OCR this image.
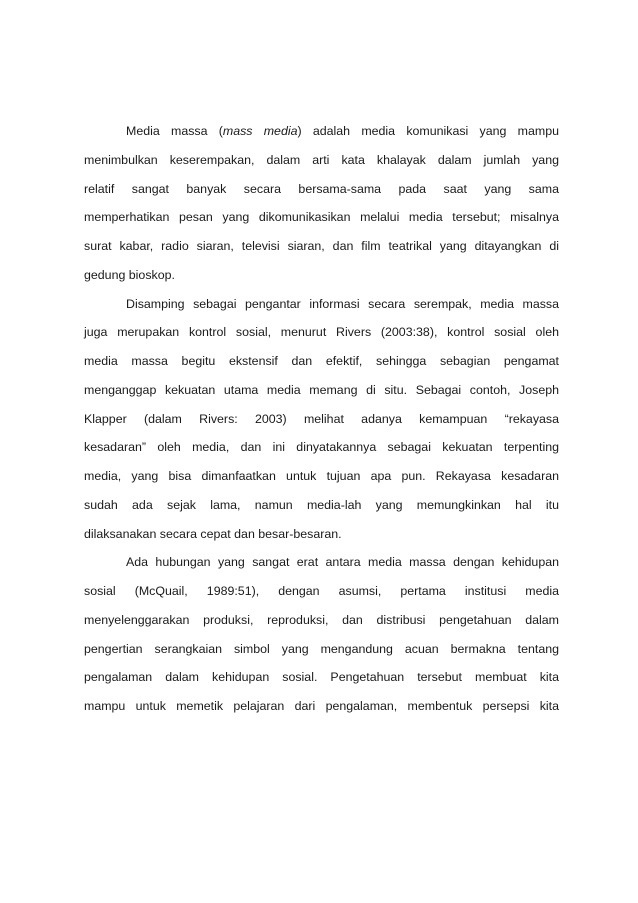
Media massa (mass media) adalah media komunikasi yang mampu
menimbulkan keserempakan, dalam arti kata khalayak dalam jumlah yang
relatif sangat banyak secara bersama-sama pada saat yang sama
memperhatikan pesan yang dikomunikasikan melalui media tersebut; misalnya
surat kabar, radio siaran, televisi siaran, dan film teatrikal yang ditayangkan di
gedung bioskop.
Disamping sebagai pengantar informasi secara serempak, media massa
juga merupakan kontrol sosial, menurut Rivers (2003:38), kontrol sosial oleh
media massa begitu ekstensif dan efektif, sehingga sebagian pengamat
menganggap kekuatan utama media memang di situ. Sebagai contoh, Joseph
Klapper (dalam Rivers: 2003) melihat adanya kemampuan “rekayasa
kesadaran” oleh media, dan ini dinyatakannya sebagai kekuatan terpenting
media, yang bisa dimanfaatkan untuk tujuan apa pun. Rekayasa kesadaran
sudah ada sejak lama, namun media-lah yang memungkinkan hal itu
dilaksanakan secara cepat dan besar-besaran.
Ada hubungan yang sangat erat antara media massa dengan kehidupan
sosial (McQuail, 1989:51), dengan asumsi, pertama institusi media
menyelenggarakan produksi, reproduksi, dan distribusi pengetahuan dalam
pengertian serangkaian simbol yang mengandung acuan bermakna tentang
pengalaman dalam kehidupan sosial. Pengetahuan tersebut membuat kita
mampu untuk memetik pelajaran dari pengalaman, membentuk persepsi kita
